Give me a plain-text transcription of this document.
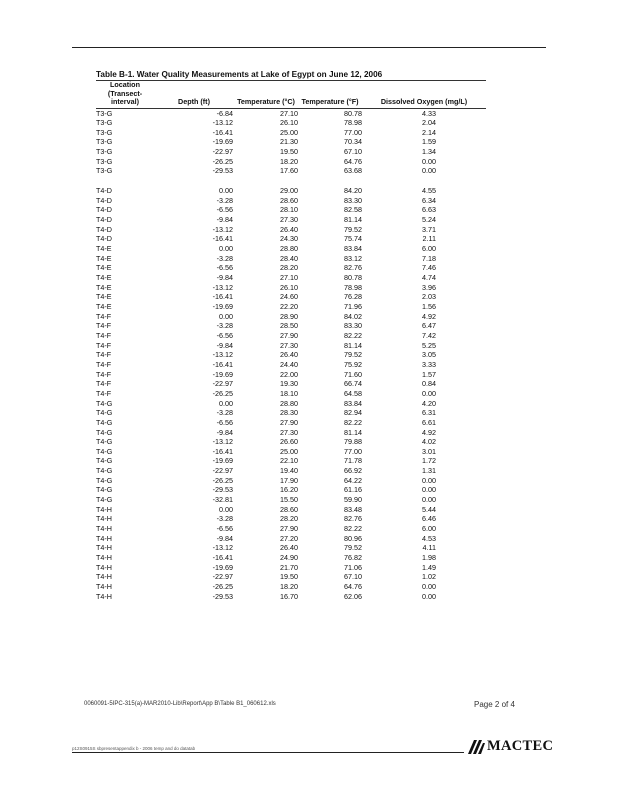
Table B-1. Water Quality Measurements at Lake of Egypt on June 12, 2006
Location (Transect-interval)	Depth (ft)	Temperature (°C)	Temperature (°F)	Dissolved Oxygen (mg/L)	
T3-G	-6.84	27.10	80.78	4.33	
T3-G	-13.12	26.10	78.98	2.04	
T3-G	-16.41	25.00	77.00	2.14	
T3-G	-19.69	21.30	70.34	1.59	
T3-G	-22.97	19.50	67.10	1.34	
T3-G	-26.25	18.20	64.76	0.00	
T3-G	-29.53	17.60	63.68	0.00	

T4-D	0.00	29.00	84.20	4.55	
T4-D	-3.28	28.60	83.30	6.34	
T4-D	-6.56	28.10	82.58	6.63	
T4-D	-9.84	27.30	81.14	5.24	
T4-D	-13.12	26.40	79.52	3.71	
T4-D	-16.41	24.30	75.74	2.11	
T4-E	0.00	28.80	83.84	6.00	
T4-E	-3.28	28.40	83.12	7.18	
T4-E	-6.56	28.20	82.76	7.46	
T4-E	-9.84	27.10	80.78	4.74	
T4-E	-13.12	26.10	78.98	3.96	
T4-E	-16.41	24.60	76.28	2.03	
T4-E	-19.69	22.20	71.96	1.56	
T4-F	0.00	28.90	84.02	4.92	
T4-F	-3.28	28.50	83.30	6.47	
T4-F	-6.56	27.90	82.22	7.42	
T4-F	-9.84	27.30	81.14	5.25	
T4-F	-13.12	26.40	79.52	3.05	
T4-F	-16.41	24.40	75.92	3.33	
T4-F	-19.69	22.00	71.60	1.57	
T4-F	-22.97	19.30	66.74	0.84	
T4-F	-26.25	18.10	64.58	0.00	
T4-G	0.00	28.80	83.84	4.20	
T4-G	-3.28	28.30	82.94	6.31	
T4-G	-6.56	27.90	82.22	6.61	
T4-G	-9.84	27.30	81.14	4.92	
T4-G	-13.12	26.60	79.88	4.02	
T4-G	-16.41	25.00	77.00	3.01	
T4-G	-19.69	22.10	71.78	1.72	
T4-G	-22.97	19.40	66.92	1.31	
T4-G	-26.25	17.90	64.22	0.00	
T4-G	-29.53	16.20	61.16	0.00	
T4-G	-32.81	15.50	59.90	0.00	
T4-H	0.00	28.60	83.48	5.44	
T4-H	-3.28	28.20	82.76	6.46	
T4-H	-6.56	27.90	82.22	6.00	
T4-H	-9.84	27.20	80.96	4.53	
T4-H	-13.12	26.40	79.52	4.11	
T4-H	-16.41	24.90	76.82	1.98	
T4-H	-19.69	21.70	71.06	1.49	
T4-H	-22.97	19.50	67.10	1.02	
T4-H	-26.25	18.20	64.76	0.00	
T4-H	-29.53	16.70	62.06	0.00	
0060091-5IPC-315(a)-MAR2010-Lib\Report\App B\Table B1_060612.xls	Page 2 of 4
p12S0915S sbpresentappendix b - 2006 temp and do datatab	MACTEC
